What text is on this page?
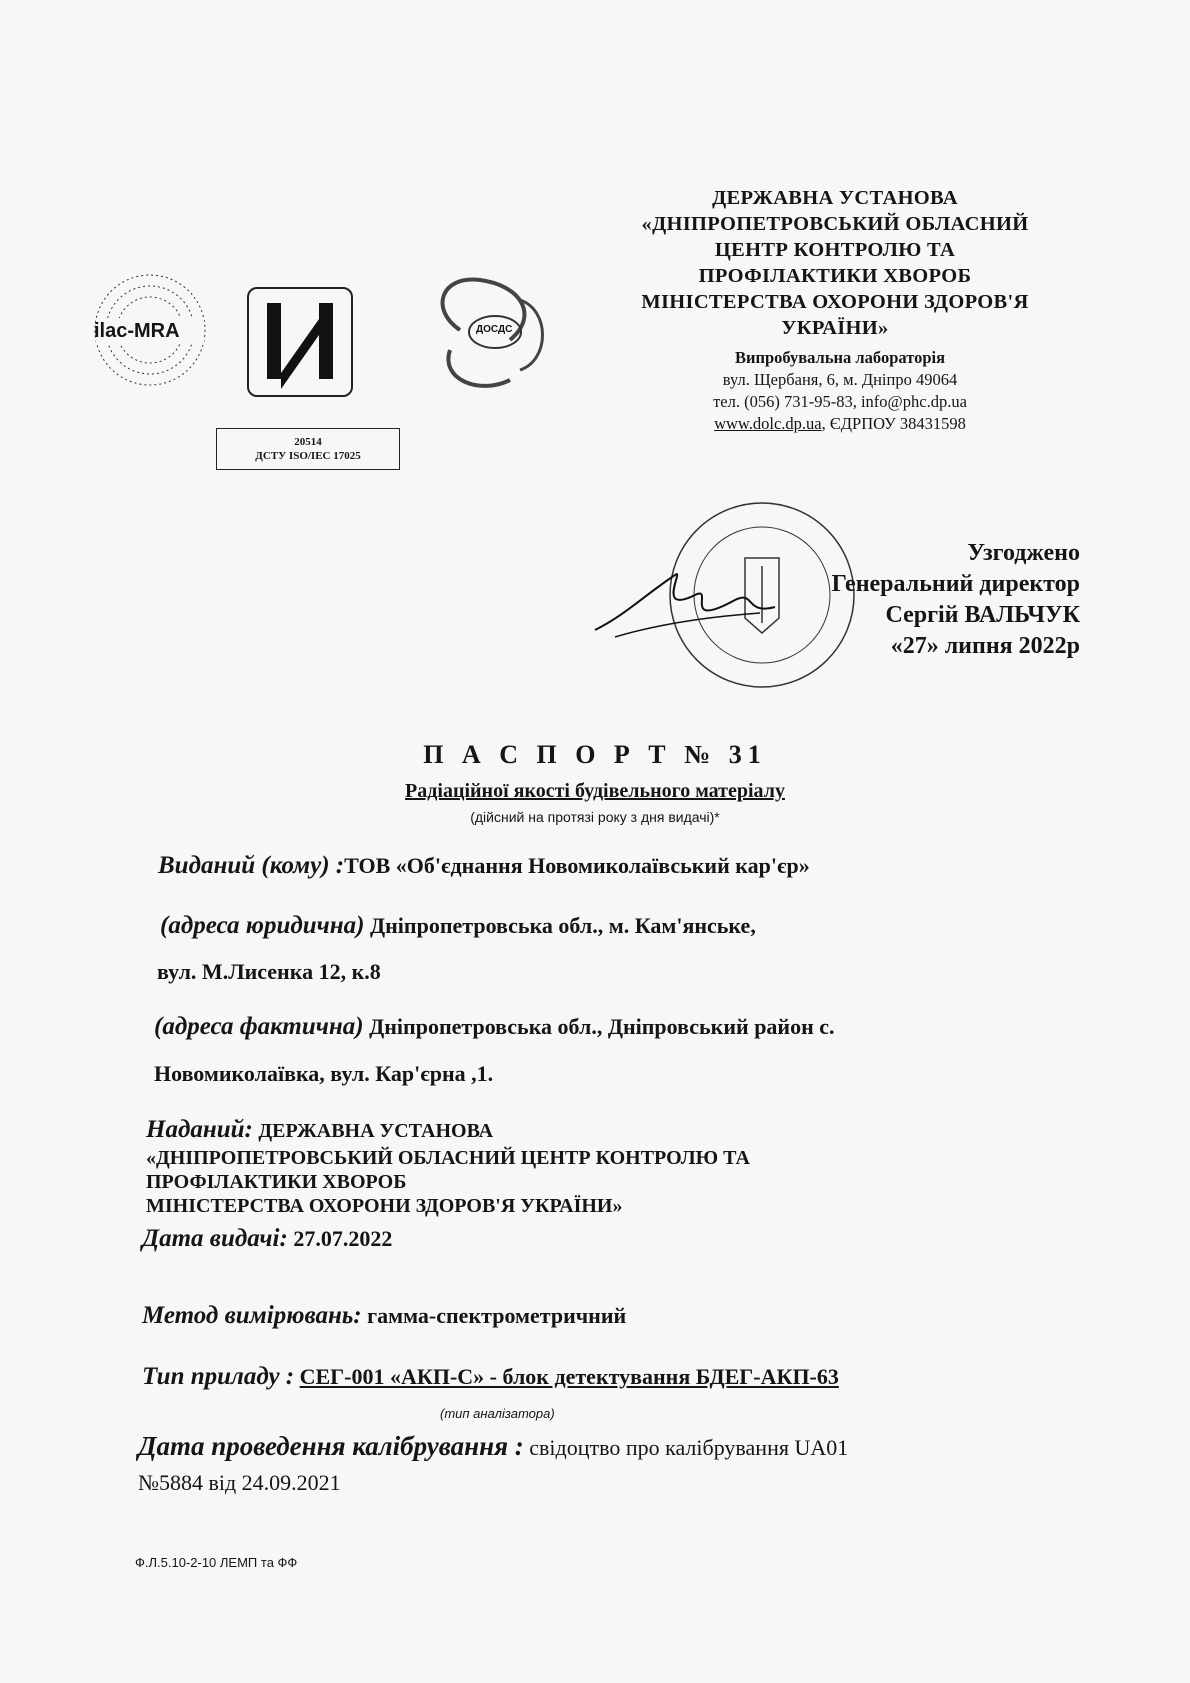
ilac-MRA
20514
ДСТУ ISO/IEC 17025
ДОСДС
ДЕРЖАВНА УСТАНОВА
«ДНІПРОПЕТРОВСЬКИЙ ОБЛАСНИЙ
ЦЕНТР КОНТРОЛЮ ТА
ПРОФІЛАКТИКИ ХВОРОБ
МІНІСТЕРСТВА ОХОРОНИ ЗДОРОВ'Я
УКРАЇНИ»
Випробувальна лабораторія
вул. Щербаня, 6, м. Дніпро 49064
тел. (056) 731-95-83, info@phc.dp.ua
www.dolc.dp.ua, ЄДРПОУ 38431598
Узгоджено
Генеральний директор
Сергій ВАЛЬЧУК
«27» липня 2022р
П А С П О Р Т № 31
Радіаційної якості будівельного матеріалу
(дійсний на протязі року з дня видачі)*
Виданий (кому) :ТОВ «Об'єднання Новомиколаївський кар'єр»
(адреса юридична) Дніпропетровська обл., м. Кам'янське,
вул. М.Лисенка 12, к.8
(адреса фактична) Дніпропетровська обл., Дніпровський район с.
Новомиколаївка, вул. Кар'єрна ,1.
Наданий: ДЕРЖАВНА УСТАНОВА
«ДНІПРОПЕТРОВСЬКИЙ ОБЛАСНИЙ ЦЕНТР КОНТРОЛЮ ТА
ПРОФІЛАКТИКИ ХВОРОБ
МІНІСТЕРСТВА ОХОРОНИ ЗДОРОВ'Я УКРАЇНИ»
Дата видачі: 27.07.2022
Метод вимірювань: гамма-спектрометричний
Тип приладу : СЕГ-001 «АКП-С» - блок детектування БДЕГ-АКП-63
(тип аналізатора)
Дата проведення калібрування : свідоцтво про калібрування UA01
№5884 від 24.09.2021
Ф.Л.5.10-2-10 ЛЕМП та ФФ
